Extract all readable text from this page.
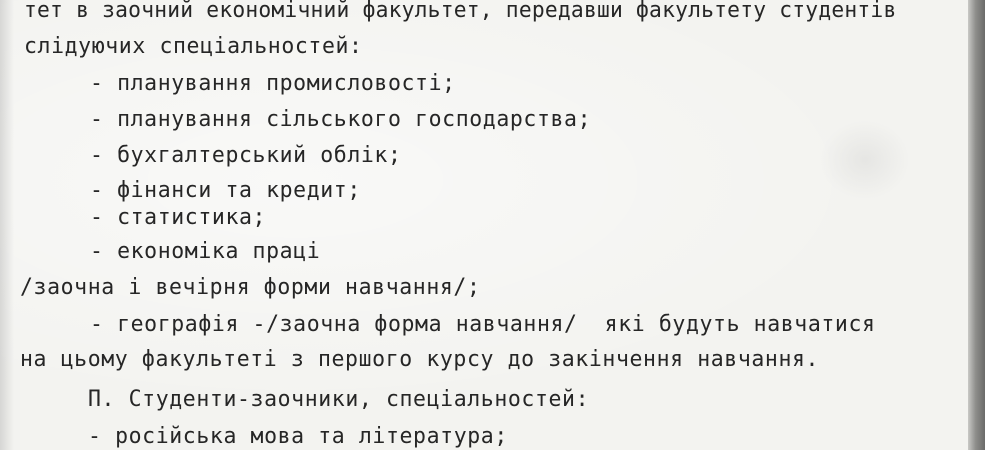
тет в заочний економічний факультет, передавши факультету студентів
слідуючих спеціальностей:
- планування промисловості;
- планування сільського господарства;
- бухгалтерський облік;
- фінанси та кредит;
- статистика;
- економіка праці
/заочна і вечірня форми навчання/;
- географія -/заочна форма навчання/  які будуть навчатися
на цьому факультеті з першого курсу до закінчення навчання.
П. Студенти-заочники, спеціальностей:
- російська мова та література;
